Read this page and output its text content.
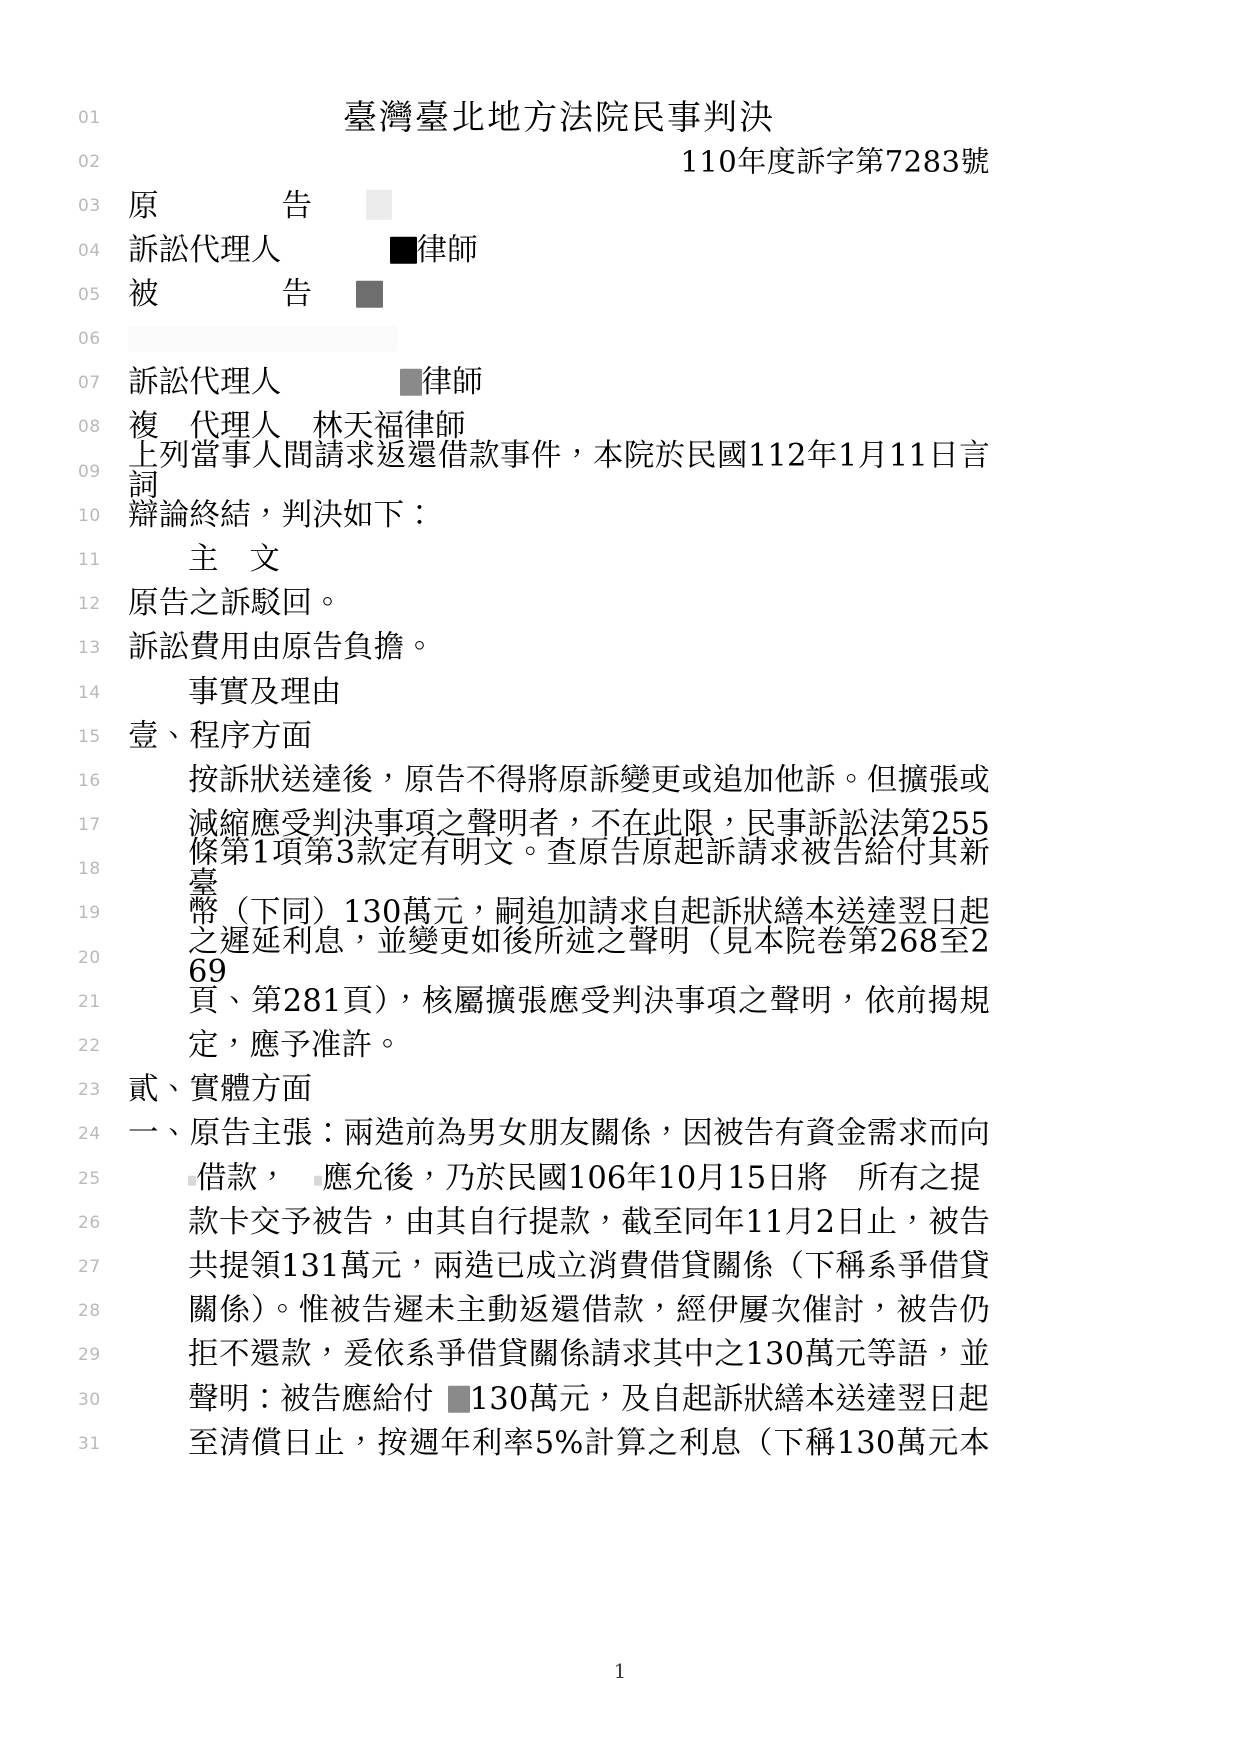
01	臺灣臺北地方法院民事判決
02	110年度訴字第7283號
03 原　　　　告
04 訴訟代理人	律師
05 被　　　　告
06
07 訴訟代理人	律師
08 複　代理人　林天福律師
09 上列當事人間請求返還借款事件，本院於民國112年1月11日言詞
10 辯論終結，判決如下：
11	主　文
12 原告之訴駁回。
13 訴訟費用由原告負擔。
14	事實及理由
15 壹、程序方面
16	按訴狀送達後，原告不得將原訴變更或追加他訴。但擴張或
17	減縮應受判決事項之聲明者，不在此限，民事訴訟法第255
18	條第1項第3款定有明文。查原告原起訴請求被告給付其新臺
19	幣（下同）130萬元，嗣追加請求自起訴狀繕本送達翌日起
20	之遲延利息，並變更如後所述之聲明（見本院卷第268至269
21	頁、第281頁），核屬擴張應受判決事項之聲明，依前揭規
22	定，應予准許。
23 貳、實體方面
24 一、原告主張：兩造前為男女朋友關係，因被告有資金需求而向
25	借款， 應允後，乃於民國106年10月15日將 所有之提
26	款卡交予被告，由其自行提款，截至同年11月2日止，被告
27	共提領131萬元，兩造已成立消費借貸關係（下稱系爭借貸
28	關係）。惟被告遲未主動返還借款，經伊屢次催討，被告仍
29	拒不還款，爰依系爭借貸關係請求其中之130萬元等語，並
30	聲明：被告應給付 130萬元，及自起訴狀繕本送達翌日起
31	至清償日止，按週年利率5%計算之利息（下稱130萬元本
1
